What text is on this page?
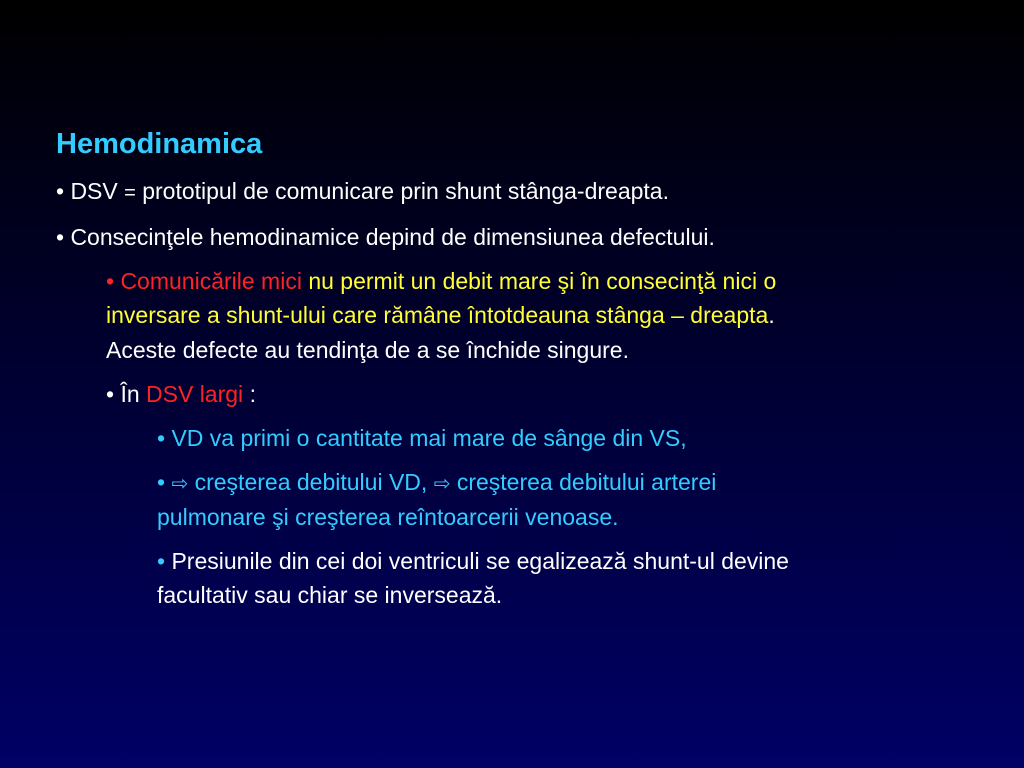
Hemodinamica
• DSV = prototipul de comunicare prin shunt stânga-dreapta.
• Consecinţele hemodinamice depind de dimensiunea defectului.
• Comunicările mici nu permit un debit mare şi în consecinţă nici o
inversare a shunt-ului care rămâne întotdeauna stânga – dreapta.
Aceste defecte au tendinţa de a se închide singure.
• În DSV largi :
• VD va primi o cantitate mai mare de sânge din VS,
• ⇨ creşterea debitului VD, ⇨ creşterea debitului arterei
pulmonare şi creşterea reîntoarcerii venoase.
• Presiunile din cei doi ventriculi se egalizează shunt-ul devine
facultativ sau chiar se inversează.
